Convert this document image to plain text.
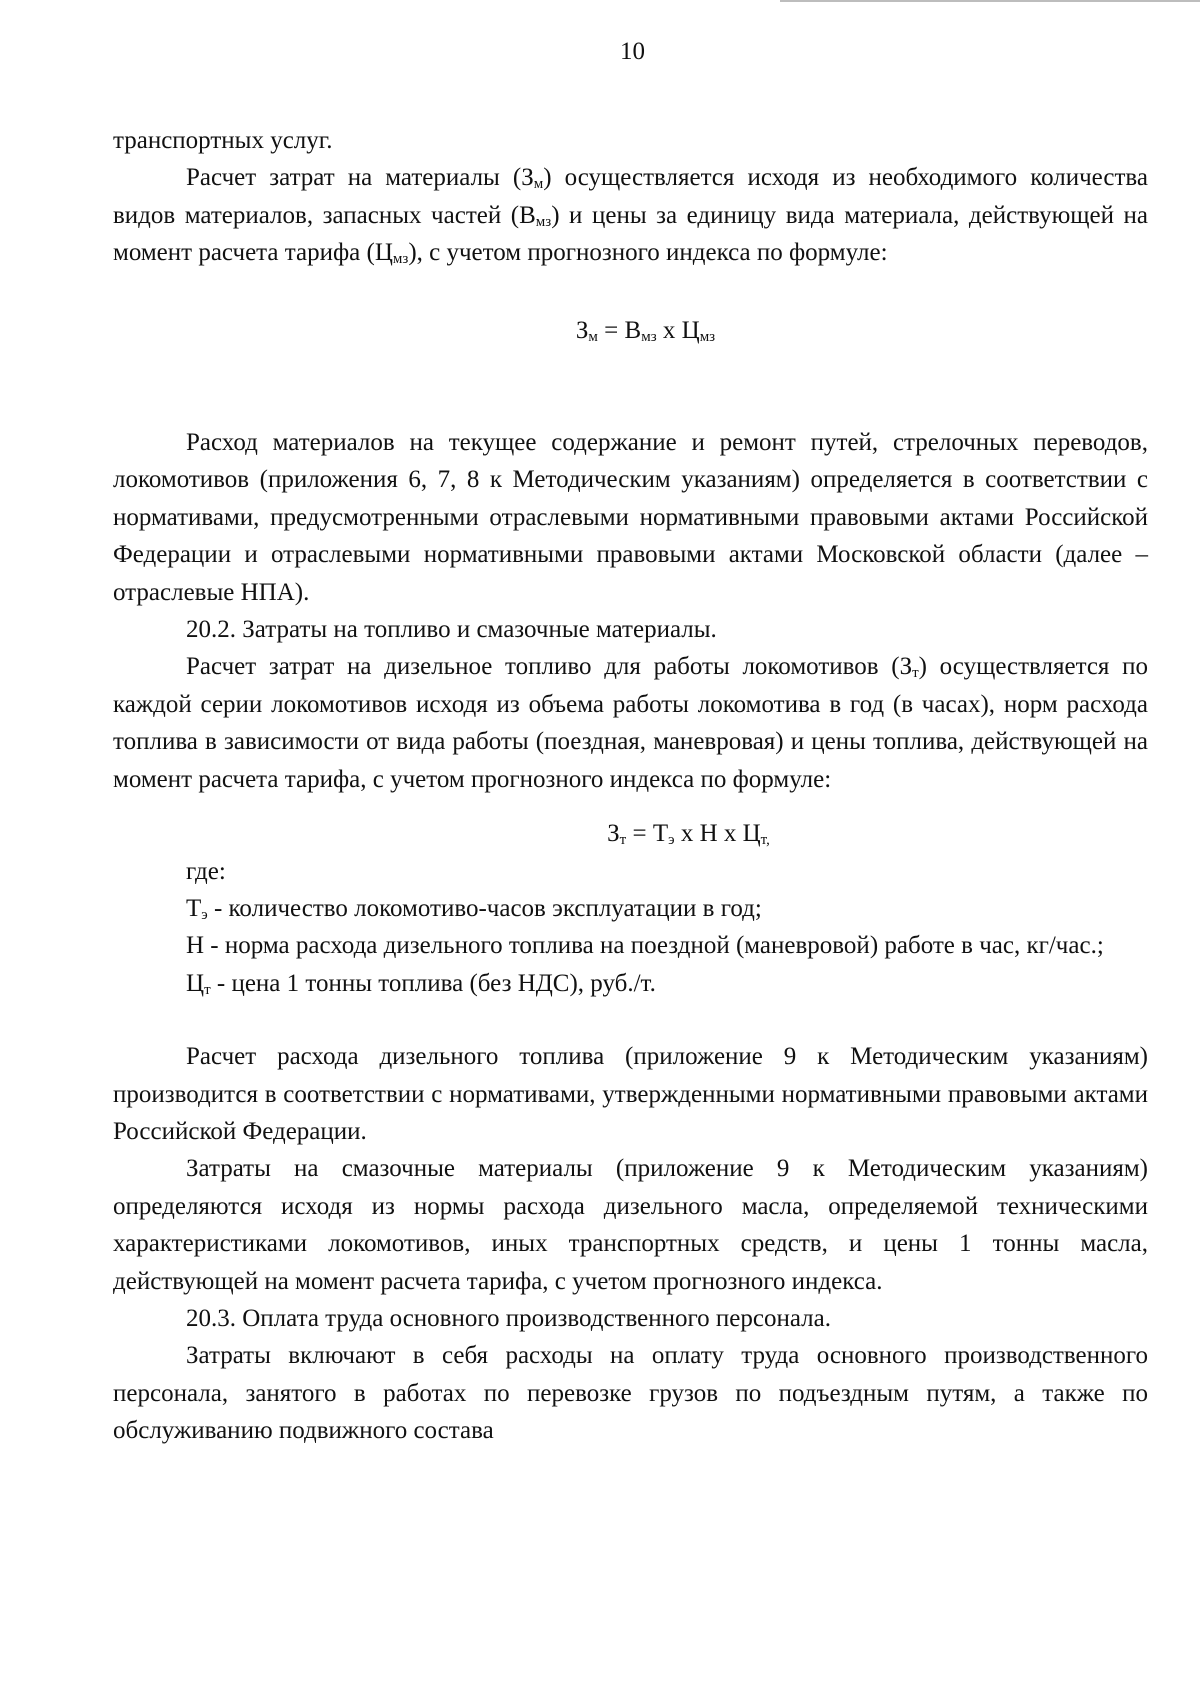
10

транспортных услуг.

Расчет затрат на материалы $(З_м)$ осуществляется исходя из необходимого количества видов материалов, запасных частей $(В_{мз})$ и цены за единицу вида материала, действующей на момент расчета тарифа $(Ц_{мз})$, с учетом прогнозного индекса по формуле:

$З_м = В_{мз}$ х $Ц_{мз}$

Расход материалов на текущее содержание и ремонт путей, стрелочных переводов, локомотивов (приложения 6, 7, 8 к Методическим указаниям) определяется в соответствии с нормативами, предусмотренными отраслевыми нормативными правовыми актами Российской Федерации и отраслевыми нормативными правовыми актами Московской области (далее – отраслевые НПА).

20.2. Затраты на топливо и смазочные материалы.

Расчет затрат на дизельное топливо для работы локомотивов $(З_т)$ осуществляется по каждой серии локомотивов исходя из объема работы локомотива в год (в часах), норм расхода топлива в зависимости от вида работы (поездная, маневровая) и цены топлива, действующей на момент расчета тарифа, с учетом прогнозного индекса по формуле:

$З_т = Т_э$ х Н х $Ц_{т,}$

где:

$Т_э$ - количество локомотиво-часов эксплуатации в год;

Н - норма расхода дизельного топлива на поездной (маневровой) работе в час, кг/час.;

$Ц_т$ - цена 1 тонны топлива (без НДС), руб./т.

Расчет расхода дизельного топлива (приложение 9 к Методическим указаниям) производится в соответствии с нормативами, утвержденными нормативными правовыми актами Российской Федерации.

Затраты на смазочные материалы (приложение 9 к Методическим указаниям) определяются исходя из нормы расхода дизельного масла, определяемой техническими характеристиками локомотивов, иных транспортных средств, и цены 1 тонны масла, действующей на момент расчета тарифа, с учетом прогнозного индекса.

20.3. Оплата труда основного производственного персонала.

Затраты включают в себя расходы на оплату труда основного производственного персонала, занятого в работах по перевозке грузов по подъездным путям, а также по обслуживанию подвижного состава
